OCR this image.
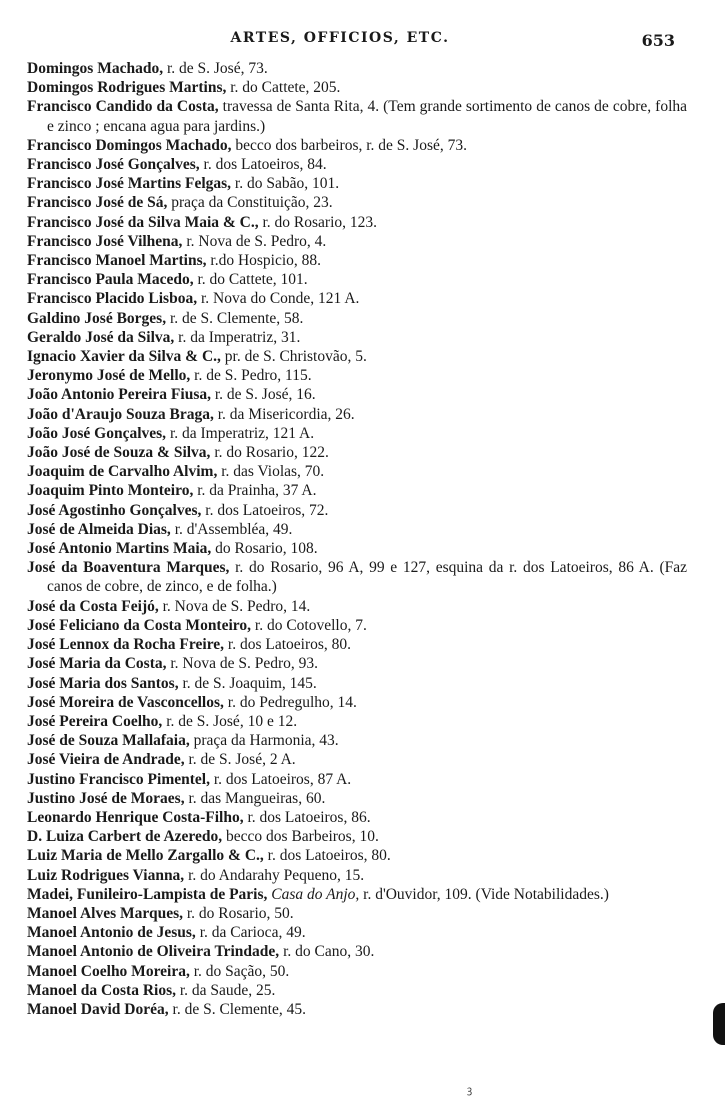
ARTES, OFFICIOS, ETC.	653
Domingos Machado, r. de S. José, 73.
Domingos Rodrigues Martins, r. do Cattete, 205.
Francisco Candido da Costa, travessa de Santa Rita, 4. (Tem grande sortimento de canos de cobre, folha e zinco ; encana agua para jardins.)
Francisco Domingos Machado, becco dos barbeiros, r. de S. José, 73.
Francisco José Gonçalves, r. dos Latoeiros, 84.
Francisco José Martins Felgas, r. do Sabão, 101.
Francisco José de Sá, praça da Constituição, 23.
Francisco José da Silva Maia & C., r. do Rosario, 123.
Francisco José Vilhena, r. Nova de S. Pedro, 4.
Francisco Manoel Martins, r.do Hospicio, 88.
Francisco Paula Macedo, r. do Cattete, 101.
Francisco Placido Lisboa, r. Nova do Conde, 121 A.
Galdino José Borges, r. de S. Clemente, 58.
Geraldo José da Silva, r. da Imperatriz, 31.
Ignacio Xavier da Silva & C., pr. de S. Christovão, 5.
Jeronymo José de Mello, r. de S. Pedro, 115.
João Antonio Pereira Fiusa, r. de S. José, 16.
João d'Araujo Souza Braga, r. da Misericordia, 26.
João José Gonçalves, r. da Imperatriz, 121 A.
João José de Souza & Silva, r. do Rosario, 122.
Joaquim de Carvalho Alvim, r. das Violas, 70.
Joaquim Pinto Monteiro, r. da Prainha, 37 A.
José Agostinho Gonçalves, r. dos Latoeiros, 72.
José de Almeida Dias, r. d'Assembléa, 49.
José Antonio Martins Maia, do Rosario, 108.
José da Boaventura Marques, r. do Rosario, 96 A, 99 e 127, esquina da r. dos Latoeiros, 86 A. (Faz canos de cobre, de zinco, e de folha.)
José da Costa Feijó, r. Nova de S. Pedro, 14.
José Feliciano da Costa Monteiro, r. do Cotovello, 7.
José Lennox da Rocha Freire, r. dos Latoeiros, 80.
José Maria da Costa, r. Nova de S. Pedro, 93.
José Maria dos Santos, r. de S. Joaquim, 145.
José Moreira de Vasconcellos, r. do Pedregulho, 14.
José Pereira Coelho, r. de S. José, 10 e 12.
José de Souza Mallafaia, praça da Harmonia, 43.
José Vieira de Andrade, r. de S. José, 2 A.
Justino Francisco Pimentel, r. dos Latoeiros, 87 A.
Justino José de Moraes, r. das Mangueiras, 60.
Leonardo Henrique Costa-Filho, r. dos Latoeiros, 86.
D. Luiza Carbert de Azeredo, becco dos Barbeiros, 10.
Luiz Maria de Mello Zargallo & C., r. dos Latoeiros, 80.
Luiz Rodrigues Vianna, r. do Andarahy Pequeno, 15.
Madei, Funileiro-Lampista de Paris, Casa do Anjo, r. d'Ouvidor, 109. (Vide Notabilidades.)
Manoel Alves Marques, r. do Rosario, 50.
Manoel Antonio de Jesus, r. da Carioca, 49.
Manoel Antonio de Oliveira Trindade, r. do Cano, 30.
Manoel Coelho Moreira, r. do Sação, 50.
Manoel da Costa Rios, r. da Saude, 25.
Manoel David Doréa, r. de S. Clemente, 45.
ꝫ
